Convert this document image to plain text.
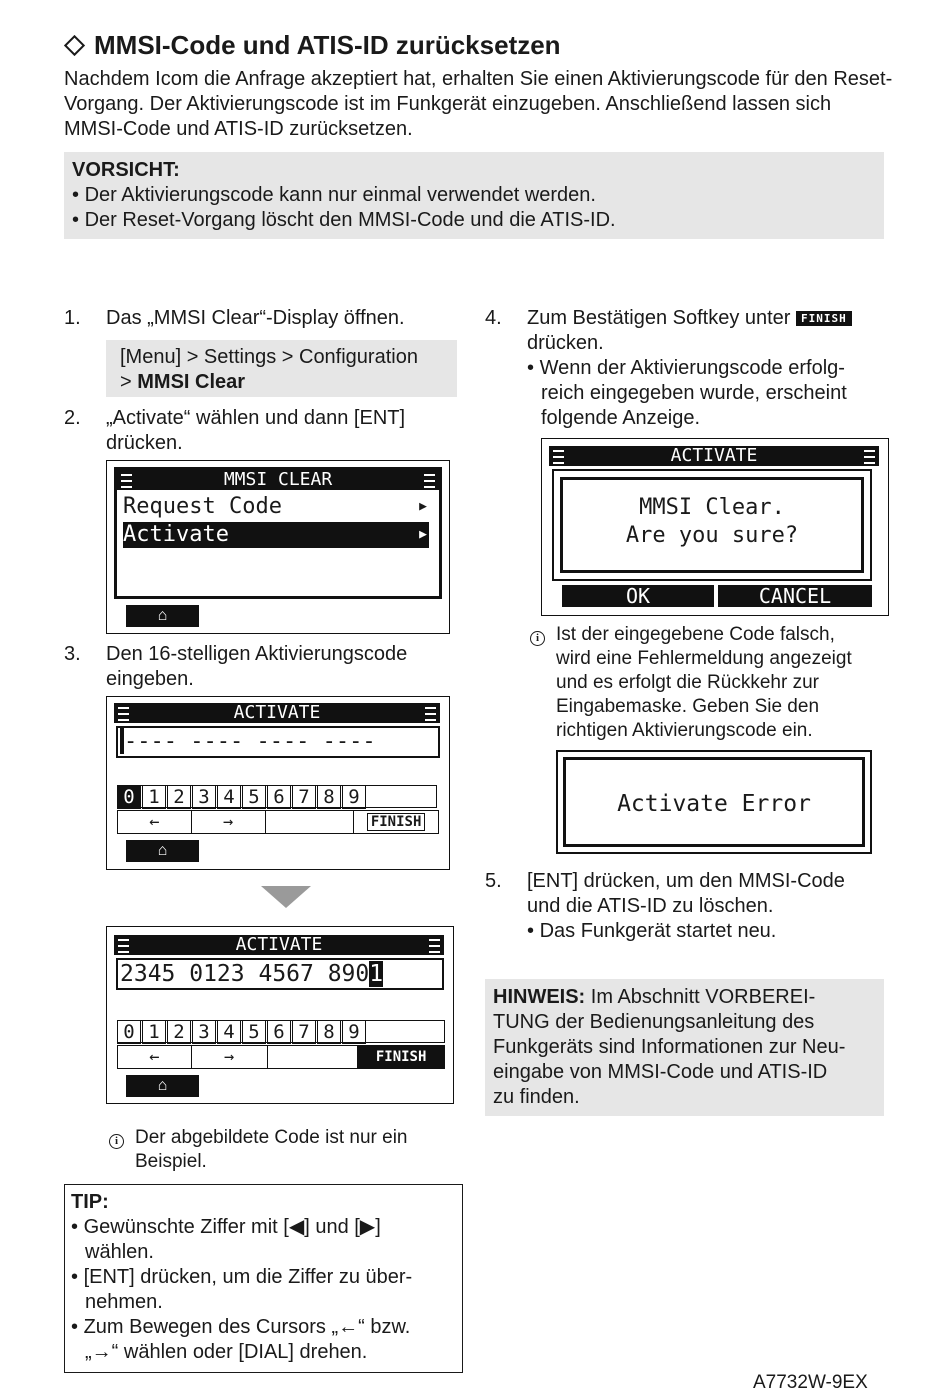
MMSI-Code und ATIS-ID zurücksetzen
Nachdem Icom die Anfrage akzeptiert hat, erhalten Sie einen Aktivierungscode für den Reset-Vorgang. Der Aktivierungscode ist im Funkgerät einzugeben. Anschließend lassen sich MMSI-Code und ATIS-ID zurücksetzen.
VORSICHT:
• Der Aktivierungscode kann nur einmal verwendet werden.
• Der Reset-Vorgang löscht den MMSI-Code und die ATIS-ID.
1. Das „MMSI Clear“-Display öffnen.
[Menu] > Settings > Configuration
> MMSI Clear
2. „Activate“ wählen und dann [ENT] drücken.
MMSI CLEAR
Request Code	▶
Activate	▶
⌂
3. Den 16-stelligen Aktivierungscode eingeben.
ACTIVATE
---- ---- ---- ----
0 1 2 3 4 5 6 7 8 9
←	→	FINISH
⌂
ACTIVATE
2345 0123 4567 8901
0 1 2 3 4 5 6 7 8 9
←	→	FINISH
⌂
i Der abgebildete Code ist nur ein
Beispiel.
TIP:
• Gewünschte Ziffer mit [◀] und [▶]
wählen.
• [ENT] drücken, um die Ziffer zu über-
nehmen.
• Zum Bewegen des Cursors „←“ bzw.
„→“ wählen oder [DIAL] drehen.
4. Zum Bestätigen Softkey unter FINISH
drücken.
• Wenn der Aktivierungscode erfolg-
reich eingegeben wurde, erscheint
folgende Anzeige.
ACTIVATE
MMSI Clear.
Are you sure?
OK	CANCEL
i Ist der eingegebene Code falsch,
wird eine Fehlermeldung angezeigt
und es erfolgt die Rückkehr zur
Eingabemaske. Geben Sie den
richtigen Aktivierungscode ein.
Activate Error
5. [ENT] drücken, um den MMSI-Code
und die ATIS-ID zu löschen.
• Das Funkgerät startet neu.
HINWEIS: Im Abschnitt VORBEREI-
TUNG der Bedienungsanleitung des
Funkgeräts sind Informationen zur Neu-
eingabe von MMSI-Code und ATIS-ID
zu finden.
A7732W-9EX
